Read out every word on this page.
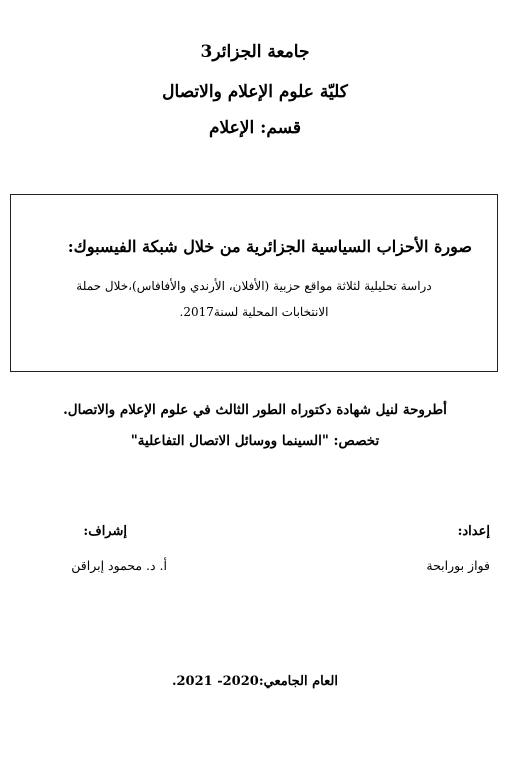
جامعة الجزائر3
كليّة علوم الإعلام والاتصال
قسم: الإعلام
صورة الأحزاب السياسية الجزائرية من خلال شبكة الفيسبوك:
دراسة تحليلية لثلاثة مواقع حزبية (الأفلان، الأرندي والأفافاس)،خلال حملة
الانتخابات المحلية لسنة2017.
أطروحة لنيل شهادة دكتوراه الطور الثالث في علوم الإعلام والاتصال.
تخصص: "السينما ووسائل الاتصال التفاعلية"
إعداد:
إشراف:
فواز بورابحة
أ. د. محمود إبراقن
العام الجامعي:2020- 2021.
